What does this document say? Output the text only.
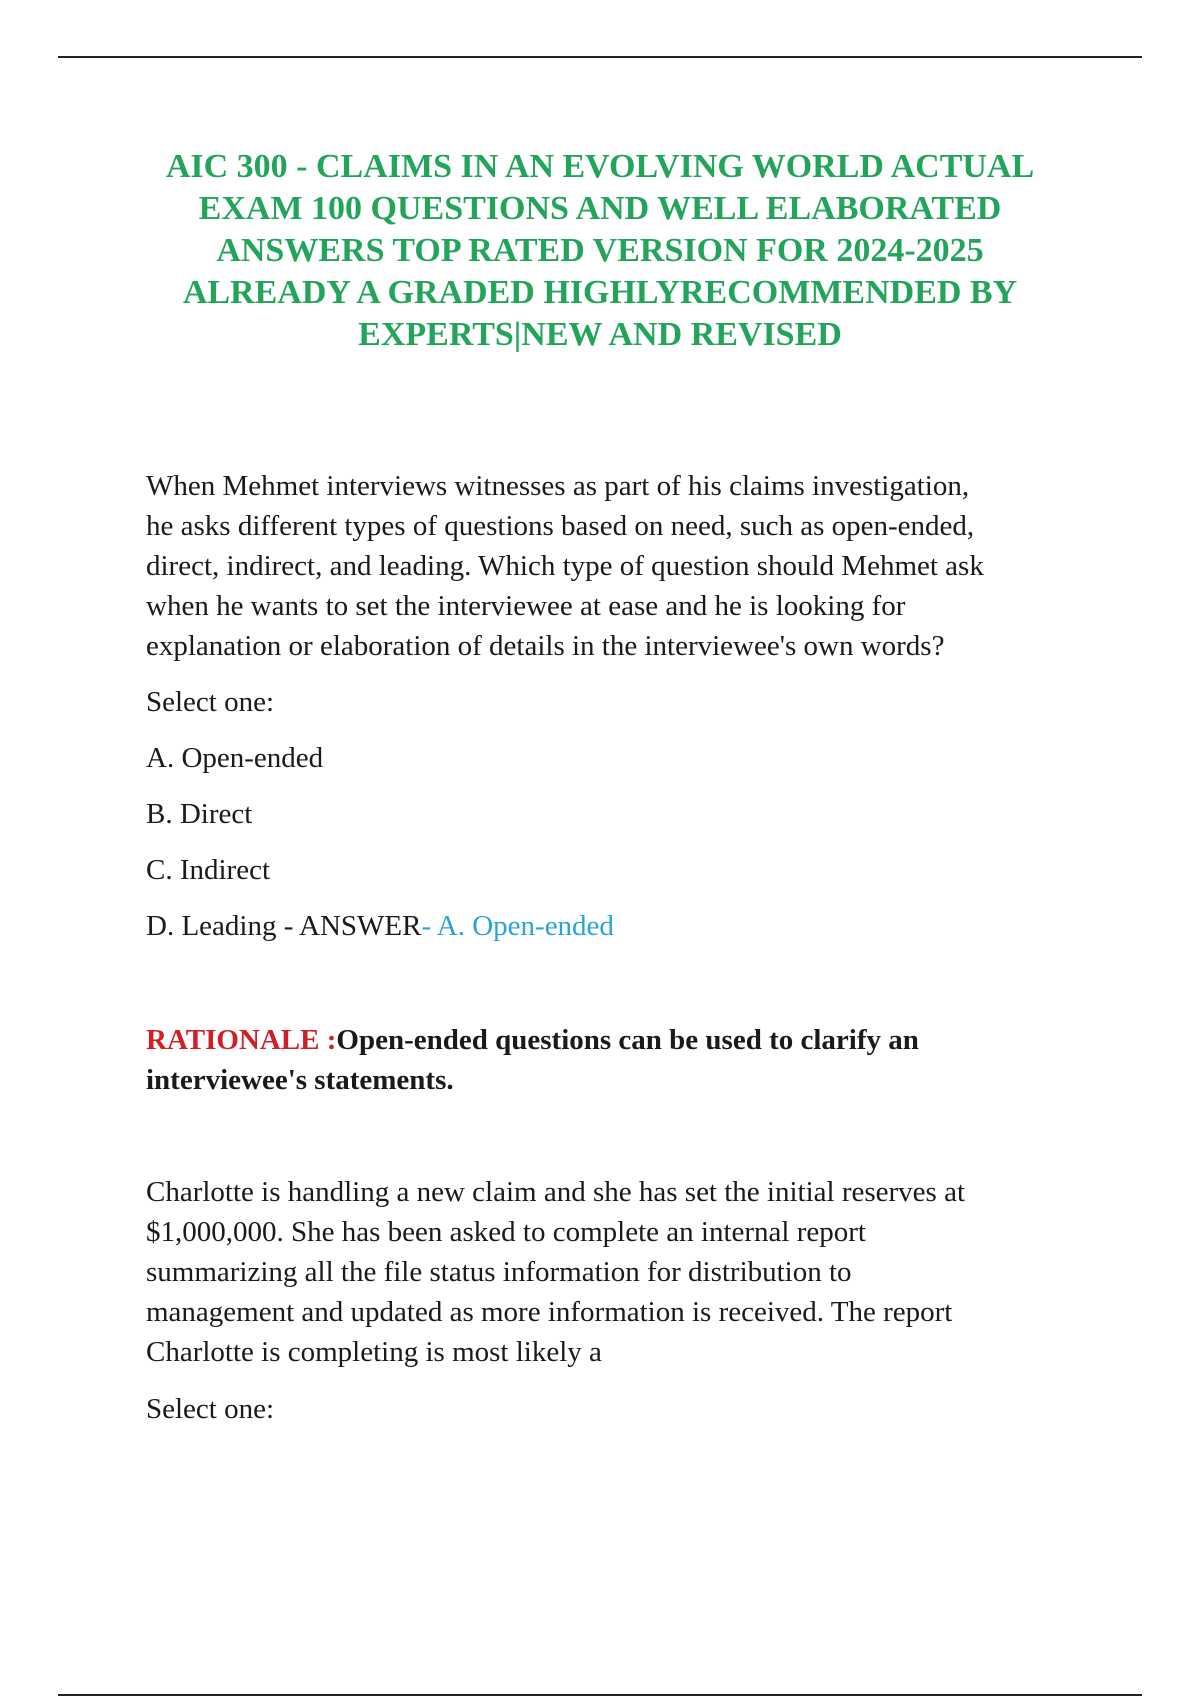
AIC 300 - CLAIMS IN AN EVOLVING WORLD ACTUAL
EXAM 100 QUESTIONS AND WELL ELABORATED
ANSWERS TOP RATED VERSION FOR 2024-2025
ALREADY A GRADED HIGHLYRECOMMENDED BY
EXPERTS|NEW AND REVISED

When Mehmet interviews witnesses as part of his claims investigation,
he asks different types of questions based on need, such as open-ended,
direct, indirect, and leading. Which type of question should Mehmet ask
when he wants to set the interviewee at ease and he is looking for
explanation or elaboration of details in the interviewee's own words?

Select one:

A. Open-ended

B. Direct

C. Indirect

D. Leading - ANSWER- A. Open-ended

RATIONALE :Open-ended questions can be used to clarify an
interviewee's statements.

Charlotte is handling a new claim and she has set the initial reserves at
$1,000,000. She has been asked to complete an internal report
summarizing all the file status information for distribution to
management and updated as more information is received. The report
Charlotte is completing is most likely a

Select one:
